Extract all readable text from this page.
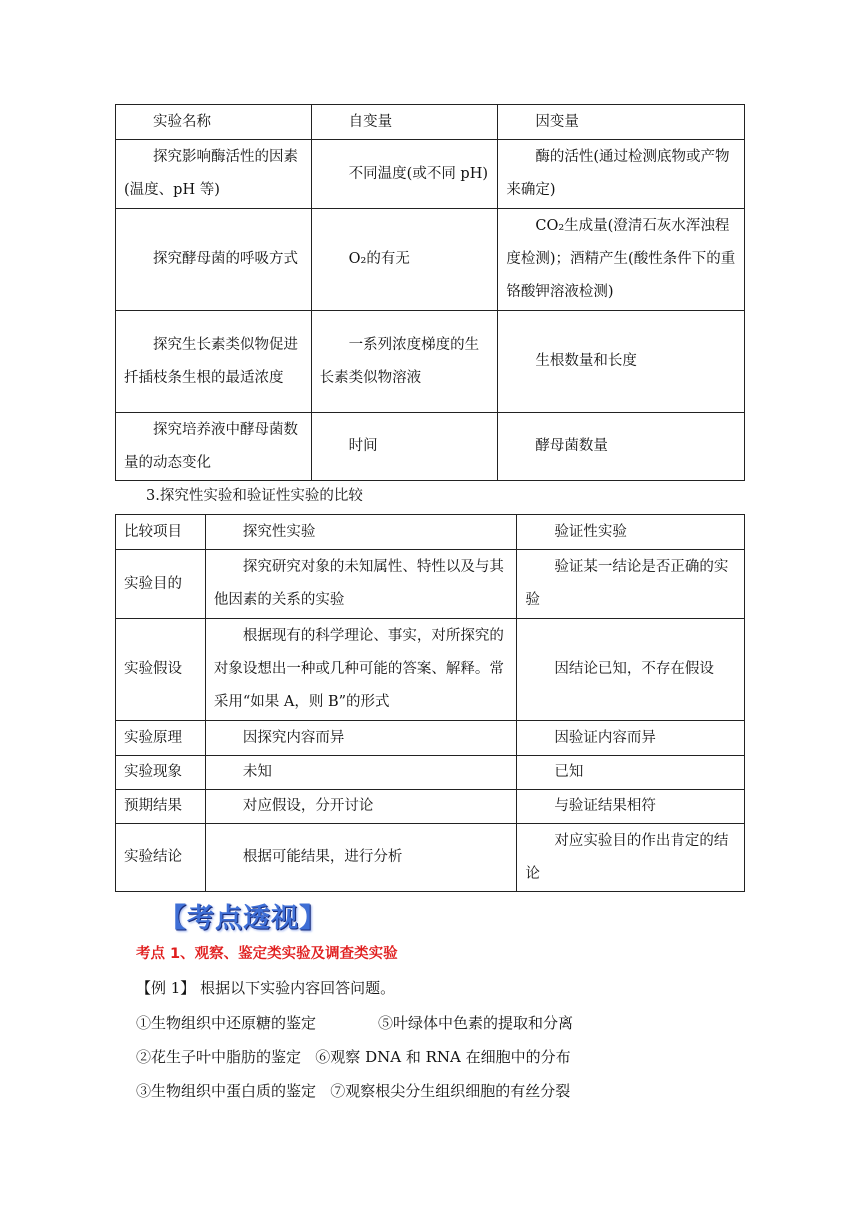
实验名称	自变量	因变量
探究影响酶活性的因素(温度、pH 等)	不同温度(或不同 pH)	酶的活性(通过检测底物或产物来确定)
探究酵母菌的呼吸方式	O₂的有无	CO₂生成量(澄清石灰水浑浊程度检测)；酒精产生(酸性条件下的重铬酸钾溶液检测)
探究生长素类似物促进扦插枝条生根的最适浓度	一系列浓度梯度的生长素类似物溶液	生根数量和长度
探究培养液中酵母菌数量的动态变化	时间	酵母菌数量
3.探究性实验和验证性实验的比较
比较项目	探究性实验	验证性实验
实验目的	探究研究对象的未知属性、特性以及与其他因素的关系的实验	验证某一结论是否正确的实验
实验假设	根据现有的科学理论、事实，对所探究的对象设想出一种或几种可能的答案、解释。常采用“如果 A，则 B”的形式	因结论已知，不存在假设
实验原理	因探究内容而异	因验证内容而异
实验现象	未知	已知
预期结果	对应假设，分开讨论	与验证结果相符
实验结论	根据可能结果，进行分析	对应实验目的作出肯定的结论
【考点透视】
考点 1、观察、鉴定类实验及调查类实验
【例 1】 根据以下实验内容回答问题。
①生物组织中还原糖的鉴定             ⑤叶绿体中色素的提取和分离
②花生子叶中脂肪的鉴定   ⑥观察 DNA 和 RNA 在细胞中的分布
③生物组织中蛋白质的鉴定   ⑦观察根尖分生组织细胞的有丝分裂
